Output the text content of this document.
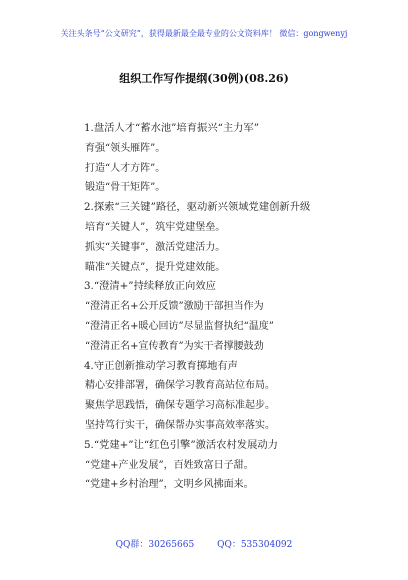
关注头条号“公文研究”，获得最新最全最专业的公文资料库！ 微信：gongwenyj
组织工作写作提纲(30例)(08.26)
1.盘活人才“蓄水池”培育振兴“主力军”
育强“领头雁阵”。
打造“人才方阵”。
锻造“骨干矩阵”。
2.探索“三关键”路径，驱动新兴领域党建创新升级
培育“关键人”，筑牢党建堡垒。
抓实“关键事”，激活党建活力。
瞄准“关键点”，提升党建效能。
3.“澄清+”持续释放正向效应
“澄清正名+公开反馈”激励干部担当作为
“澄清正名+暖心回访”尽显监督执纪“温度”
“澄清正名+宣传教育”为实干者撑腰鼓劲
4.守正创新推动学习教育掷地有声
精心安排部署，确保学习教育高站位布局。
聚焦学思践悟，确保专题学习高标准起步。
坚持笃行实干，确保帮办实事高效率落实。
5.“党建+”让“红色引擎”激活农村发展动力
“党建+产业发展”，百姓致富日子甜。
“党建+乡村治理”，文明乡风拂面来。
QQ群：30265665	QQ：535304092
